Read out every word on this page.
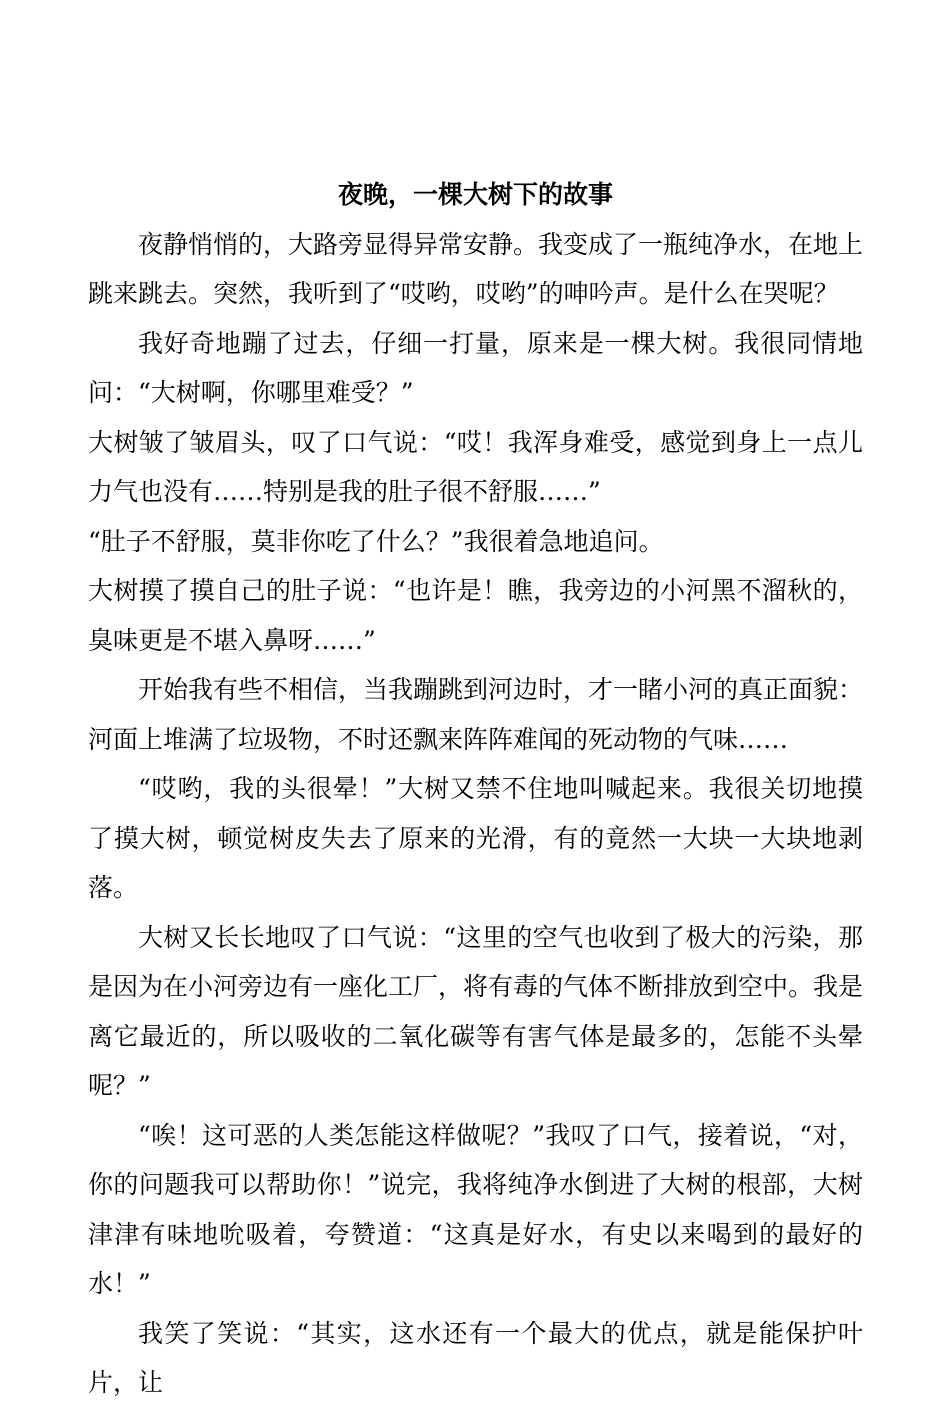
夜晚，一棵大树下的故事
夜静悄悄的，大路旁显得异常安静。我变成了一瓶纯净水，在地上跳来跳去。突然，我听到了“哎哟，哎哟”的呻吟声。是什么在哭呢？
我好奇地蹦了过去，仔细一打量，原来是一棵大树。我很同情地问：“大树啊，你哪里难受？”
大树皱了皱眉头，叹了口气说：“哎！我浑身难受，感觉到身上一点儿力气也没有……特别是我的肚子很不舒服……”
“肚子不舒服，莫非你吃了什么？”我很着急地追问。
大树摸了摸自己的肚子说：“也许是！瞧，我旁边的小河黑不溜秋的，臭味更是不堪入鼻呀……”
开始我有些不相信，当我蹦跳到河边时，才一睹小河的真正面貌：河面上堆满了垃圾物，不时还飘来阵阵难闻的死动物的气味……
“哎哟，我的头很晕！”大树又禁不住地叫喊起来。我很关切地摸了摸大树，顿觉树皮失去了原来的光滑，有的竟然一大块一大块地剥落。
大树又长长地叹了口气说：“这里的空气也收到了极大的污染，那是因为在小河旁边有一座化工厂，将有毒的气体不断排放到空中。我是离它最近的，所以吸收的二氧化碳等有害气体是最多的，怎能不头晕呢？”
“唉！这可恶的人类怎能这样做呢？”我叹了口气，接着说，“对，你的问题我可以帮助你！”说完，我将纯净水倒进了大树的根部，大树津津有味地吮吸着，夸赞道：“这真是好水，有史以来喝到的最好的水！”
我笑了笑说：“其实，这水还有一个最大的优点，就是能保护叶片，让
